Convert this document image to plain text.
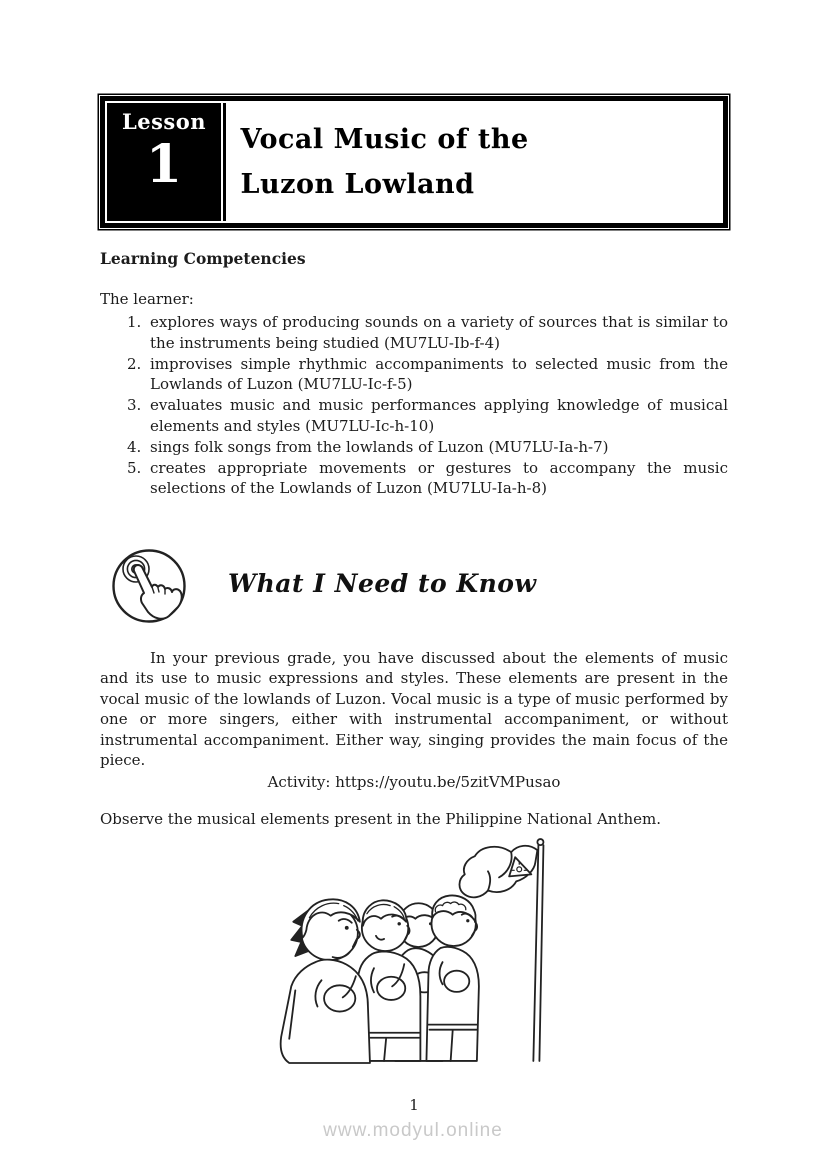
Lesson
1 Vocal Music of the
Luzon Lowland
Learning Competencies
The learner:
1. explores ways of producing sounds on a variety of sources that is similar to the instruments being studied (MU7LU-Ib-f-4)
2. improvises simple rhythmic accompaniments to selected music from the Lowlands of Luzon (MU7LU-Ic-f-5)
3. evaluates music and music performances applying knowledge of musical elements and styles (MU7LU-Ic-h-10)
4. sings folk songs from the lowlands of Luzon (MU7LU-Ia-h-7)
5. creates appropriate movements or gestures to accompany the music selections of the Lowlands of Luzon (MU7LU-Ia-h-8)
What I Need to Know
In your previous grade, you have discussed about the elements of music and its use to music expressions and styles. These elements are present in the vocal music of the lowlands of Luzon. Vocal music is a type of music performed by one or more singers, either with instrumental accompaniment, or without instrumental accompaniment. Either way, singing provides the main focus of the piece.
Activity: https://youtu.be/5zitVMPusao
Observe the musical elements present in the Philippine National Anthem.
1
www.modyul.online
